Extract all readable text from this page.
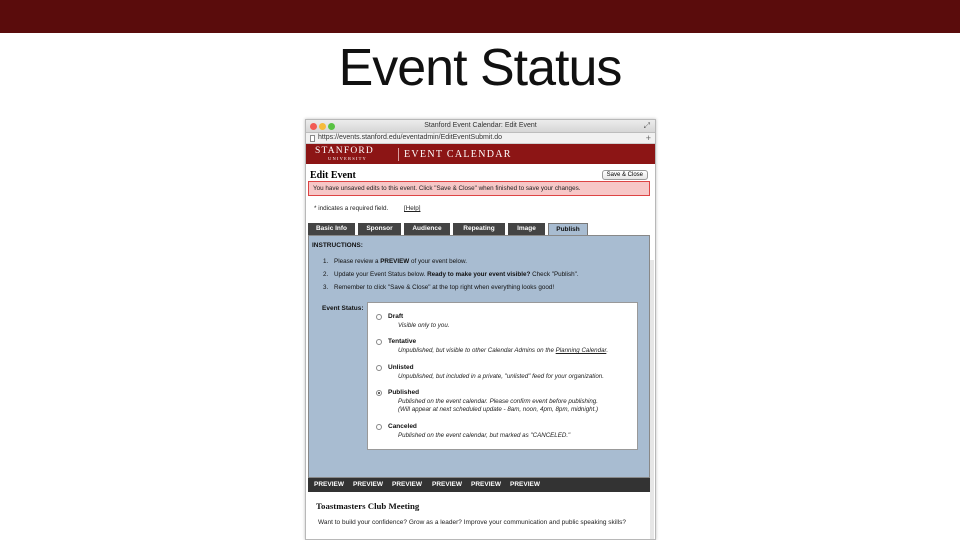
Event Status
Stanford Event Calendar: Edit Event	⤢
https://events.stanford.edu/eventadmin/EditEventSubmit.do	+
STANFORD
UNIVERSITY	EVENT CALENDAR
Edit Event	Save & Close
You have unsaved edits to this event. Click "Save & Close" when finished to save your changes.
* indicates a required field.	[Help]
Basic Info	Sponsor	Audience	Repeating	Image	Publish
INSTRUCTIONS:
1. Please review a PREVIEW of your event below.
2. Update your Event Status below. Ready to make your event visible? Check "Publish".
3. Remember to click "Save & Close" at the top right when everything looks good!
Event Status:
Draft
Visible only to you.
Tentative
Unpublished, but visible to other Calendar Admins on the Planning Calendar.
Unlisted
Unpublished, but included in a private, "unlisted" feed for your organization.
Published
Published on the event calendar. Please confirm event before publishing.
(Will appear at next scheduled update - 8am, noon, 4pm, 8pm, midnight.)
Canceled
Published on the event calendar, but marked as "CANCELED."
PREVIEW PREVIEW PREVIEW PREVIEW PREVIEW PREVIEW
Toastmasters Club Meeting
Want to build your confidence? Grow as a leader? Improve your communication and public speaking skills?
